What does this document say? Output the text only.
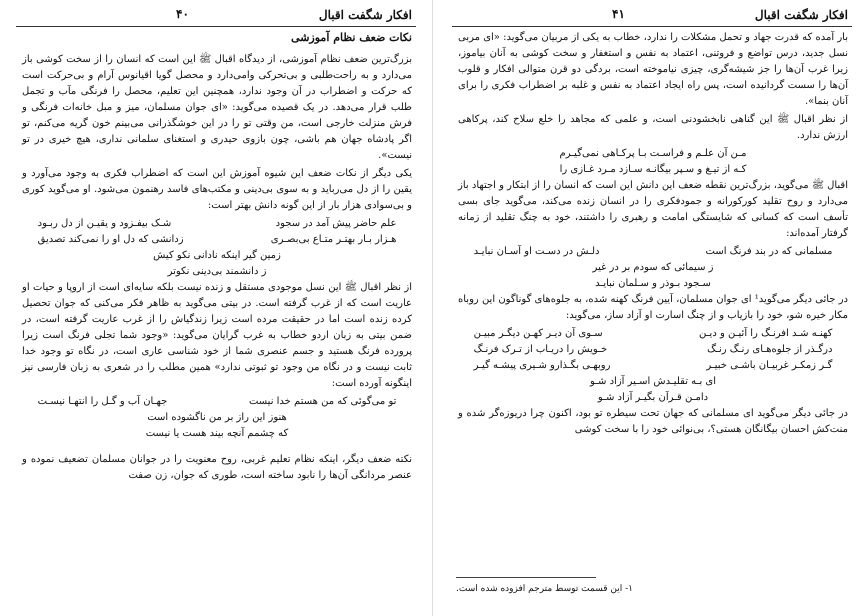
افکار شگفت اقبال
۴۰
نکات ضعف نظام آموزشی

بزرگ‌ترین ضعف نظام آموزشی، از دیدگاه اقبال ﷺ این است که انسان را از سخت کوشی باز می‌دارد و به راحت‌طلبی و بی‌تحرکی وامی‌دارد و محصل گویا اقیانوس آرام و بی‌حرکت است که حرکت و اضطراب در آن وجود ندارد، همچنین این تعلیم، محصل را فرنگی مآب و تجمل طلب قرار می‌دهد. در یک قصیده می‌گوید: «ای جوان مسلمان، میز و مبل خانه‌ات فرنگی و فرش منزلت خارجی است، من وقتی تو را در این خوشگذرانی می‌بینم خون گریه می‌کنم، تو اگر پادشاه جهان هم باشی، چون بازوی حیدری و استغنای سلمانی نداری، هیچ خیری در تو نیست».

یکی دیگر از نکات ضعف این شیوه آموزش این است که اضطراب فکری به وجود می‌آورد و یقین را از دل می‌رباید و به سوی بی‌دینی و مکتب‌های فاسد رهنمون می‌شود. او می‌گوید کوری و بی‌سوادی هزار بار از این گونه دانش بهتر است:

علم حاضر پیش آمد در سجود
شـک بیفـزود و یقیـن از دل ربـود
هـزار بـار بهتـر متـاع بی‌بصـری
زدانشی که دل او را نمی‌کند تصدیق
زمین گیر اینکه نادانی نکو کیش
ز دانشمند بی‌دینی نکوتر

از نظر اقبال ﷺ این نسل موجودی مستقل و زنده نیست بلکه سایه‌ای است از اروپا و حیات او عاریت است که از غرب گرفته است. در بیتی می‌گوید به ظاهر فکر می‌کنی که جوان تحصیل کرده زنده است اما در حقیقت مرده است زیرا زندگیاش را از غرب عاریت گرفته است، در ضمن بیتی به زبان اردو خطاب به غرب گرایان می‌گوید: «وجود شما تجلی فرنگ است زیرا پرورده فرنگ هستید و جسم عنصری شما از خود شناسی عاری است، در نگاه تو وجود خدا ثابت نیست و در نگاه من وجود تو ثبوتی ندارد» همین مطلب را در شعری به زبان فارسی نیز اینگونه آورده است:

تو می‌گوئی که من هستم خدا نیست
جهـان آب و گـل را انتهـا نیسـت
هنوز این راز بر من ناگشوده است
که چشمم آنچه بیند هست یا نیست

نکته ضعف دیگر، اینکه نظام تعلیم غربی، روح معنویت را در جوانان مسلمان تضعیف نموده و عنصر مردانگی آن‌ها را نابود ساخته است، طوری که جوان، زن صفت

افکار شگفت اقبال
۴۱

بار آمده که قدرت جهاد و تحمل مشکلات را ندارد، خطاب به یکی از مربیان می‌گوید: «ای مربی نسل جدید، درس تواضع و فروتنی، اعتماد به نفس و استغفار و سخت کوشی به آنان بیاموز، زیرا غرب آن‌ها را جز شیشه‌گری، چیزی نیاموخته است، بردگی دو قرن متوالی افکار و قلوب آن‌ها را سست گردانیده است، پس راه ایجاد اعتماد به نفس و غلبه بر اضطراب فکری را برای آنان بنما».

از نظر اقبال ﷺ این گناهی نابخشودنی است، و علمی که مجاهد را خلع سلاح کند، پرکاهی ارزش ندارد.

مـن آن علـم و فراسـت بـا پرکـاهی نمی‌گیـرم
کـه از تیـغ و سـپر بیگانـه سـازد مـرد غـازی را

اقبال ﷺ می‌گوید، بزرگ‌ترین نقطه ضعف این دانش این است که انسان را از ابتکار و اجتهاد باز می‌دارد و روح تقلید کورکورانه و جمودفکری را در انسان زنده می‌کند، می‌گوید جای بسی تأسف است که کسانی که شایستگی امامت و رهبری را داشتند، خود به چنگ تقلید از زمانه گرفتار آمده‌اند:

مسلمانی که در بند فرنگ است
دلـش در دسـت او آسـان نبایـد
ز سیمائی که سودم بر در غیر
سـجود بـوذر و سـلمان نبایـد

در جائی دیگر می‌گوید¹ ای جوان مسلمان، آیین فرنگ کهنه شده، به جلوه‌های گوناگون این روباه مکار خیره شو، خود را بازیاب و از چنگ اسارت او آزاد ساز، می‌گوید:

کهنـه شـد افرنـگ را آئیـن و دیـن
سـوی آن دیـر کهـن دیگـر مبیـن
درگـذر از جلوه‌هـای رنـگ رنـگ
خـویش را دریـاب از تـرک فرنـگ
گـر زمکـر غربیـان باشـی خبیـر
روبهـی بگـذارو شـیری پیشـه گیـر
ای بـه تقلیـدش اسـیر آزاد شـو
دامـن قـرآن بگیـر آزاد شـو

در جائی دیگر می‌گوید ای مسلمانی که جهان تحت سیطره تو بود، اکنون چرا دریوزه‌گر شده و منت‌کش احسان بیگانگان هستی؟، بی‌نوائی خود را با سخت کوشی

۱- این قسمت توسط مترجم افزوده شده است.
